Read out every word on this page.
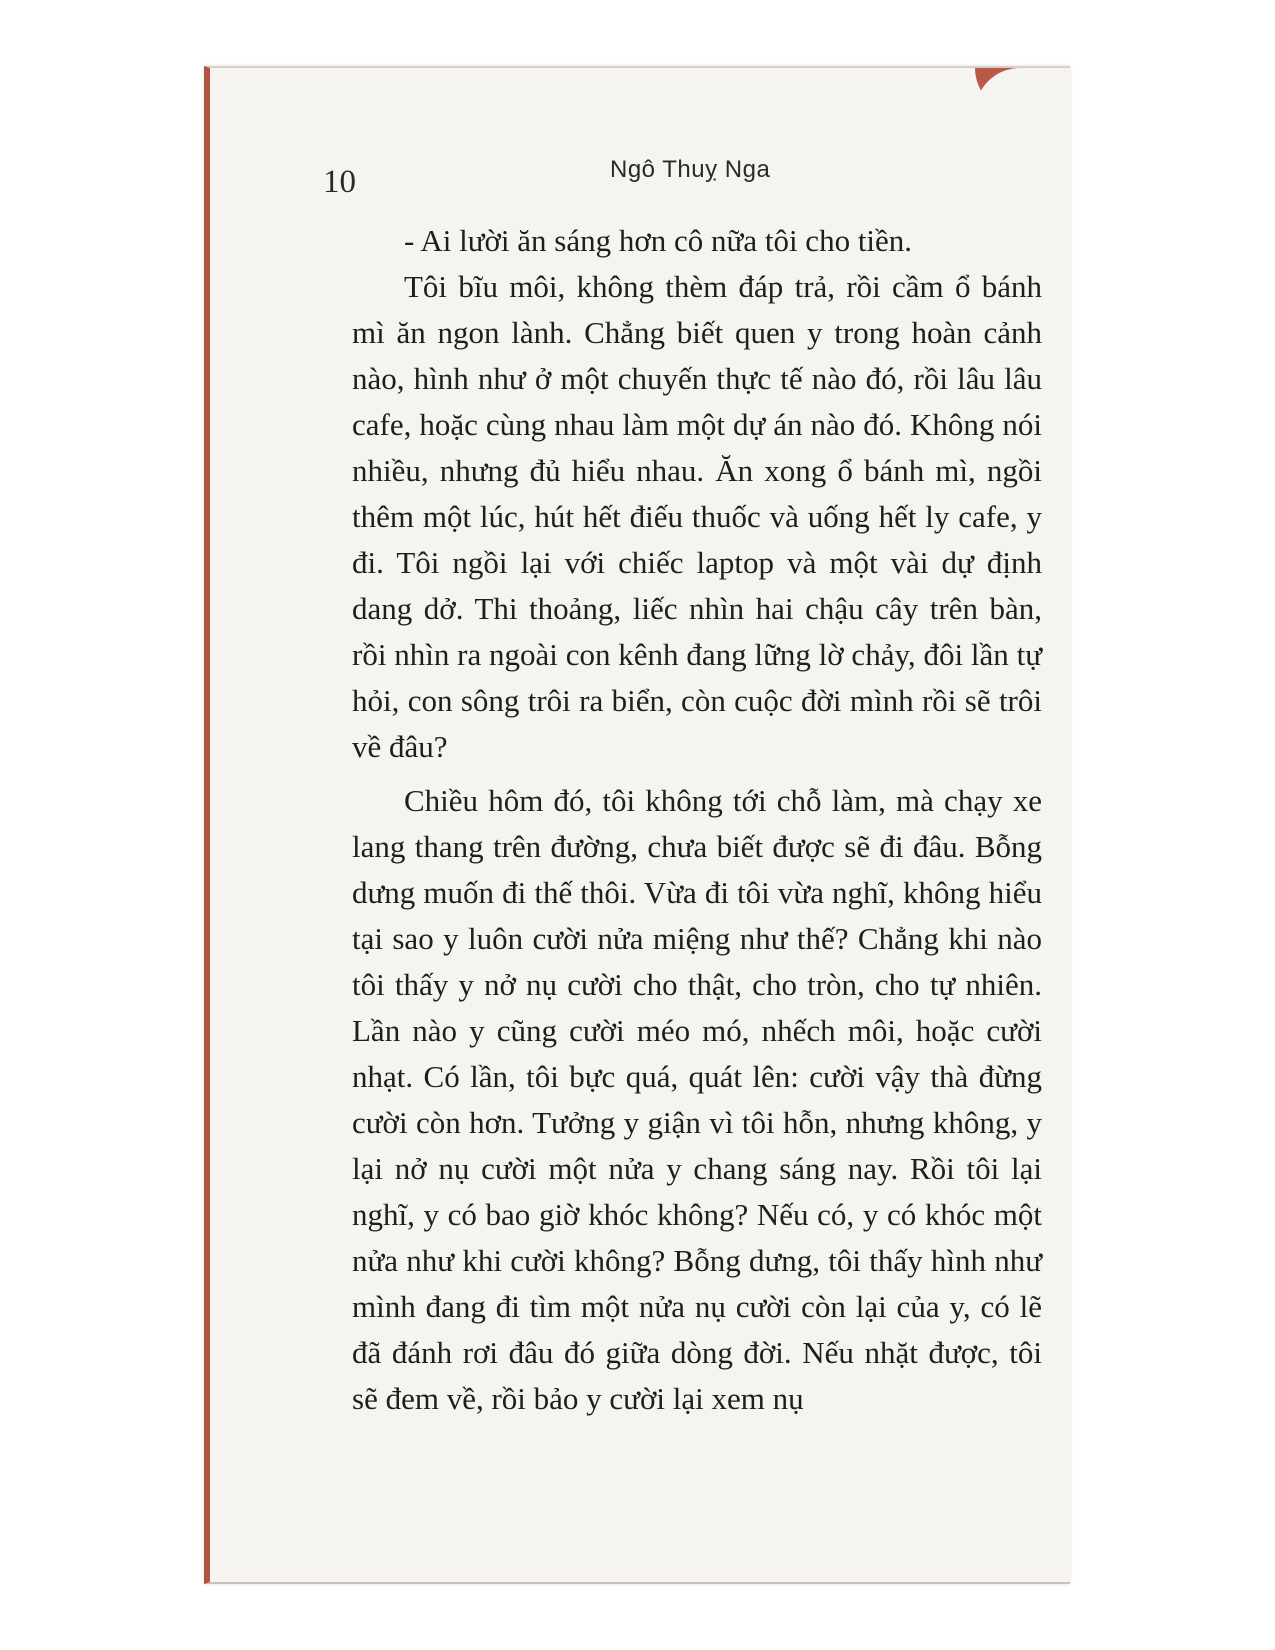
10	Ngô Thuỵ Nga

- Ai lười ăn sáng hơn cô nữa tôi cho tiền.

Tôi bĩu môi, không thèm đáp trả, rồi cầm ổ bánh mì ăn ngon lành. Chẳng biết quen y trong hoàn cảnh nào, hình như ở một chuyến thực tế nào đó, rồi lâu lâu cafe, hoặc cùng nhau làm một dự án nào đó. Không nói nhiều, nhưng đủ hiểu nhau. Ăn xong ổ bánh mì, ngồi thêm một lúc, hút hết điếu thuốc và uống hết ly cafe, y đi. Tôi ngồi lại với chiếc laptop và một vài dự định dang dở. Thi thoảng, liếc nhìn hai chậu cây trên bàn, rồi nhìn ra ngoài con kênh đang lững lờ chảy, đôi lần tự hỏi, con sông trôi ra biển, còn cuộc đời mình rồi sẽ trôi về đâu?

Chiều hôm đó, tôi không tới chỗ làm, mà chạy xe lang thang trên đường, chưa biết được sẽ đi đâu. Bỗng dưng muốn đi thế thôi. Vừa đi tôi vừa nghĩ, không hiểu tại sao y luôn cười nửa miệng như thế? Chẳng khi nào tôi thấy y nở nụ cười cho thật, cho tròn, cho tự nhiên. Lần nào y cũng cười méo mó, nhếch môi, hoặc cười nhạt. Có lần, tôi bực quá, quát lên: cười vậy thà đừng cười còn hơn. Tưởng y giận vì tôi hỗn, nhưng không, y lại nở nụ cười một nửa y chang sáng nay. Rồi tôi lại nghĩ, y có bao giờ khóc không? Nếu có, y có khóc một nửa như khi cười không? Bỗng dưng, tôi thấy hình như mình đang đi tìm một nửa nụ cười còn lại của y, có lẽ đã đánh rơi đâu đó giữa dòng đời. Nếu nhặt được, tôi sẽ đem về, rồi bảo y cười lại xem nụ
